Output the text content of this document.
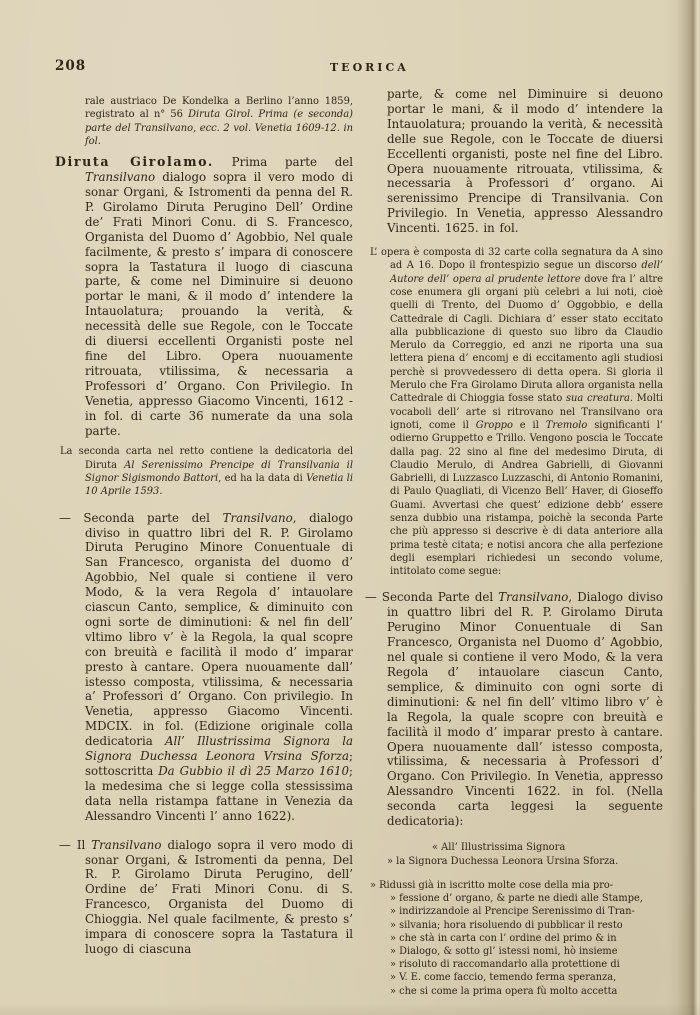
208	TEORICA

rale austriaco De Kondelka a Berlino l’anno 1859, registrato al n° 56 Diruta Girol. Prima (e seconda) parte del Transilvano, ecc. 2 vol. Venetia 1609-12. in fol.

Diruta Girolamo. Prima parte del Transilvano dialogo sopra il vero modo di sonar Organi, & Istromenti da penna del R. P. Girolamo Diruta Perugino Dell’ Ordine de’ Frati Minori Conu. di S. Francesco, Organista del Duomo d’ Agobbio, Nel quale facilmente, & presto s’ impara di conoscere sopra la Tastatura il luogo di ciascuna parte, & come nel Diminuire si deuono portar le mani, & il modo d’ intendere la Intauolatura; prouando la verità, & necessità delle sue Regole, con le Toccate di diuersi eccellenti Organisti poste nel fine del Libro. Opera nuouamente ritrouata, vtilissima, & necessaria a Professori d’ Organo. Con Privilegio. In Venetia, appresso Giacomo Vincenti, 1612 - in fol. di carte 36 numerate da una sola parte.

La seconda carta nel retto contiene la dedicatoria del Diruta Al Serenissimo Prencipe di Transilvania il Signor Sigismondo Battori, ed ha la data di Venetia li 10 Aprile 1593.

— Seconda parte del Transilvano, dialogo diviso in quattro libri del R. P. Girolamo Diruta Perugino Minore Conuentuale di San Francesco, organista del duomo d’ Agobbio, Nel quale si contiene il vero Modo, & la vera Regola d’ intauolare ciascun Canto, semplice, & diminuito con ogni sorte de diminutioni: & nel fin dell’ vltimo libro v’ è la Regola, la qual scopre con breuità e facilità il modo d’ imparar presto à cantare. Opera nuouamente dall’ istesso composta, vtilissima, & necessaria a’ Professori d’ Organo. Con privilegio. In Venetia, appresso Giacomo Vincenti. MDCIX. in fol. (Edizione originale colla dedicatoria All’ Illustrissima Signora la Signora Duchessa Leonora Vrsina Sforza; sottoscritta Da Gubbio il dì 25 Marzo 1610; la medesima che si legge colla stessissima data nella ristampa fattane in Venezia da Alessandro Vincenti l’ anno 1622).

— Il Transilvano dialogo sopra il vero modo di sonar Organi, & Istromenti da penna, Del R. P. Girolamo Diruta Perugino, dell’ Ordine de’ Frati Minori Conu. di S. Francesco, Organista del Duomo di Chioggia. Nel quale facilmente, & presto s’ impara di conoscere sopra la Tastatura il luogo di ciascuna

parte, & come nel Diminuire si deuono portar le mani, & il modo d’ intendere la Intauolatura; prouando la verità, & necessità delle sue Regole, con le Toccate de diuersi Eccellenti organisti, poste nel fine del Libro. Opera nuouamente ritrouata, vtilissima, & necessaria à Professori d’ organo. Ai serenissimo Prencipe di Transilvania. Con Privilegio. In Venetia, appresso Alessandro Vincenti. 1625. in fol.

L’ opera è composta di 32 carte colla segnatura da A sino ad A 16. Dopo il frontespizio segue un discorso dell’ Autore dell’ opera al prudente lettore dove fra l’ altre cose enumera gli organi più celebri a lui noti, cioè quelli di Trento, del Duomo d’ Oggobbio, e della Cattedrale di Cagli. Dichiara d’ esser stato eccitato alla pubblicazione di questo suo libro da Claudio Merulo da Correggio, ed anzi ne riporta una sua lettera piena d’ encomj e di eccitamento agli studiosi perchè si provvedessero di detta opera. Si gloria il Merulo che Fra Girolamo Diruta allora organista nella Cattedrale di Chioggia fosse stato sua creatura. Molti vocaboli dell’ arte si ritrovano nel Transilvano ora ignoti, come il Groppo e il Tremolo significanti l’ odierno Gruppetto e Trillo. Vengono poscia le Toccate dalla pag. 22 sino al fine del medesimo Diruta, di Claudio Merulo, di Andrea Gabrielli, di Giovanni Gabrielli, di Luzzasco Luzzaschi, di Antonio Romanini, di Paulo Quagliati, di Vicenzo Bell’ Haver, di Gioseffo Guami. Avvertasi che quest’ edizione debb’ essere senza dubbio una ristampa, poichè la seconda Parte che più appresso si descrive è di data anteriore alla prima testè citata; e notisi ancora che alla perfezione degli esemplari richiedesi un secondo volume, intitolato come segue:

— Seconda Parte del Transilvano, Dialogo diviso in quattro libri del R. P. Girolamo Diruta Perugino Minor Conuentuale di San Francesco, Organista nel Duomo d’ Agobbio, nel quale si contiene il vero Modo, & la vera Regola d’ intauolare ciascun Canto, semplice, & diminuito con ogni sorte di diminutioni: & nel fin dell’ vltimo libro v’ è la Regola, la quale scopre con breuità e facilità il modo d’ imparar presto à cantare. Opera nuouamente dall’ istesso composta, vtilissima, & necessaria à Professori d’ Organo. Con Privilegio. In Venetia, appresso Alessandro Vincenti 1622. in fol. (Nella seconda carta leggesi la seguente dedicatoria):

« All’ Illustrissima Signora
» la Signora Duchessa Leonora Ursina Sforza.
» Ridussi già in iscritto molte cose della mia pro-
» fessione d’ organo, & parte ne diedi alle Stampe,
» indirizzandole al Prencipe Serenissimo di Tran-
» silvania; hora risoluendo di pubblicar il resto
» che stà in carta con l’ ordine del primo & in
» Dialogo, & sotto gl’ istessi nomi, hò insieme
» risoluto di raccomandarlo alla protettione di
» V. E. come faccio, temendo ferma speranza,
» che si come la prima opera fù molto accetta
